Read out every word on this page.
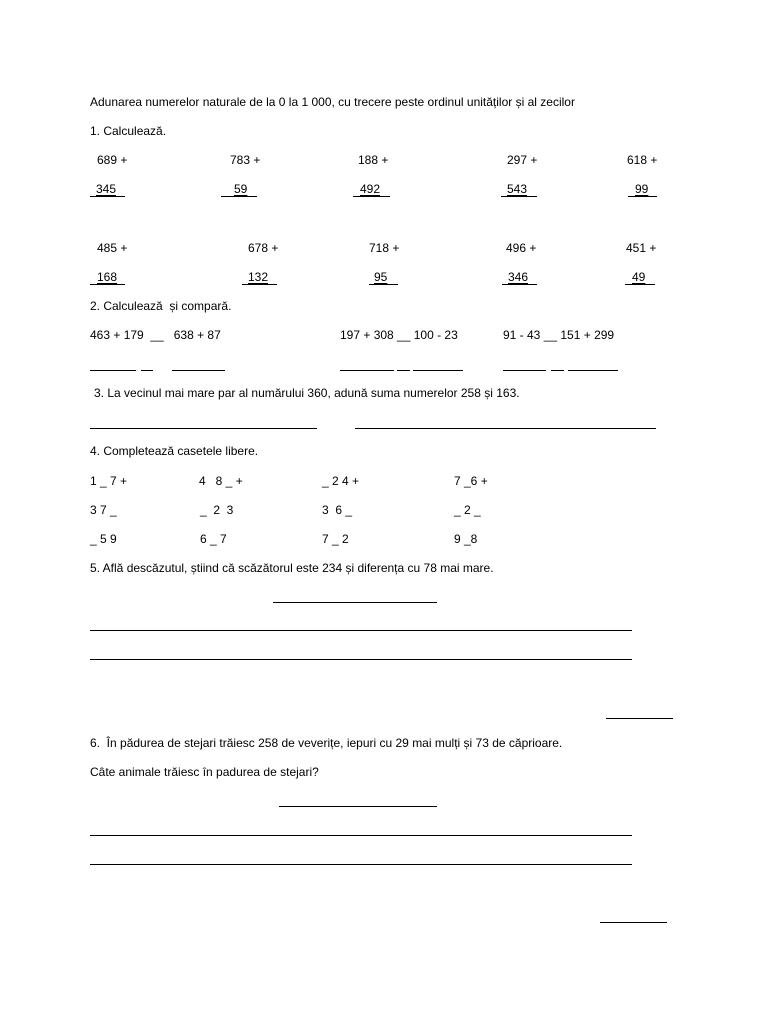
Adunarea numerelor naturale de la 0 la 1 000, cu trecere peste ordinul unităților și al zecilor
1. Calculează.
689 +	783 +	188 +	297 +	618 +
345	59	492	543	99
485 +	678 +	718 +	496 +	451 +
168	132	95	346	49
2. Calculează  și compară.
463 + 179  __   638 + 87	197 + 308 __ 100 - 23	91 - 43 __ 151 + 299
3. La vecinul mai mare par al numărului 360, adună suma numerelor 258 și 163.
4. Completează casetele libere.
1 _ 7 +	4   8 _ +	_ 2 4 +	7 _6 +
3 7 _	_  2  3	3  6 _	_ 2 _
_ 5 9	6 _ 7	7 _ 2	9 _8
5. Află descăzutul, știind că scăzătorul este 234 și diferența cu 78 mai mare.
6.  În pădurea de stejari trăiesc 258 de veverițe, iepuri cu 29 mai mulți și 73 de căprioare.
Câte animale trăiesc în padurea de stejari?
